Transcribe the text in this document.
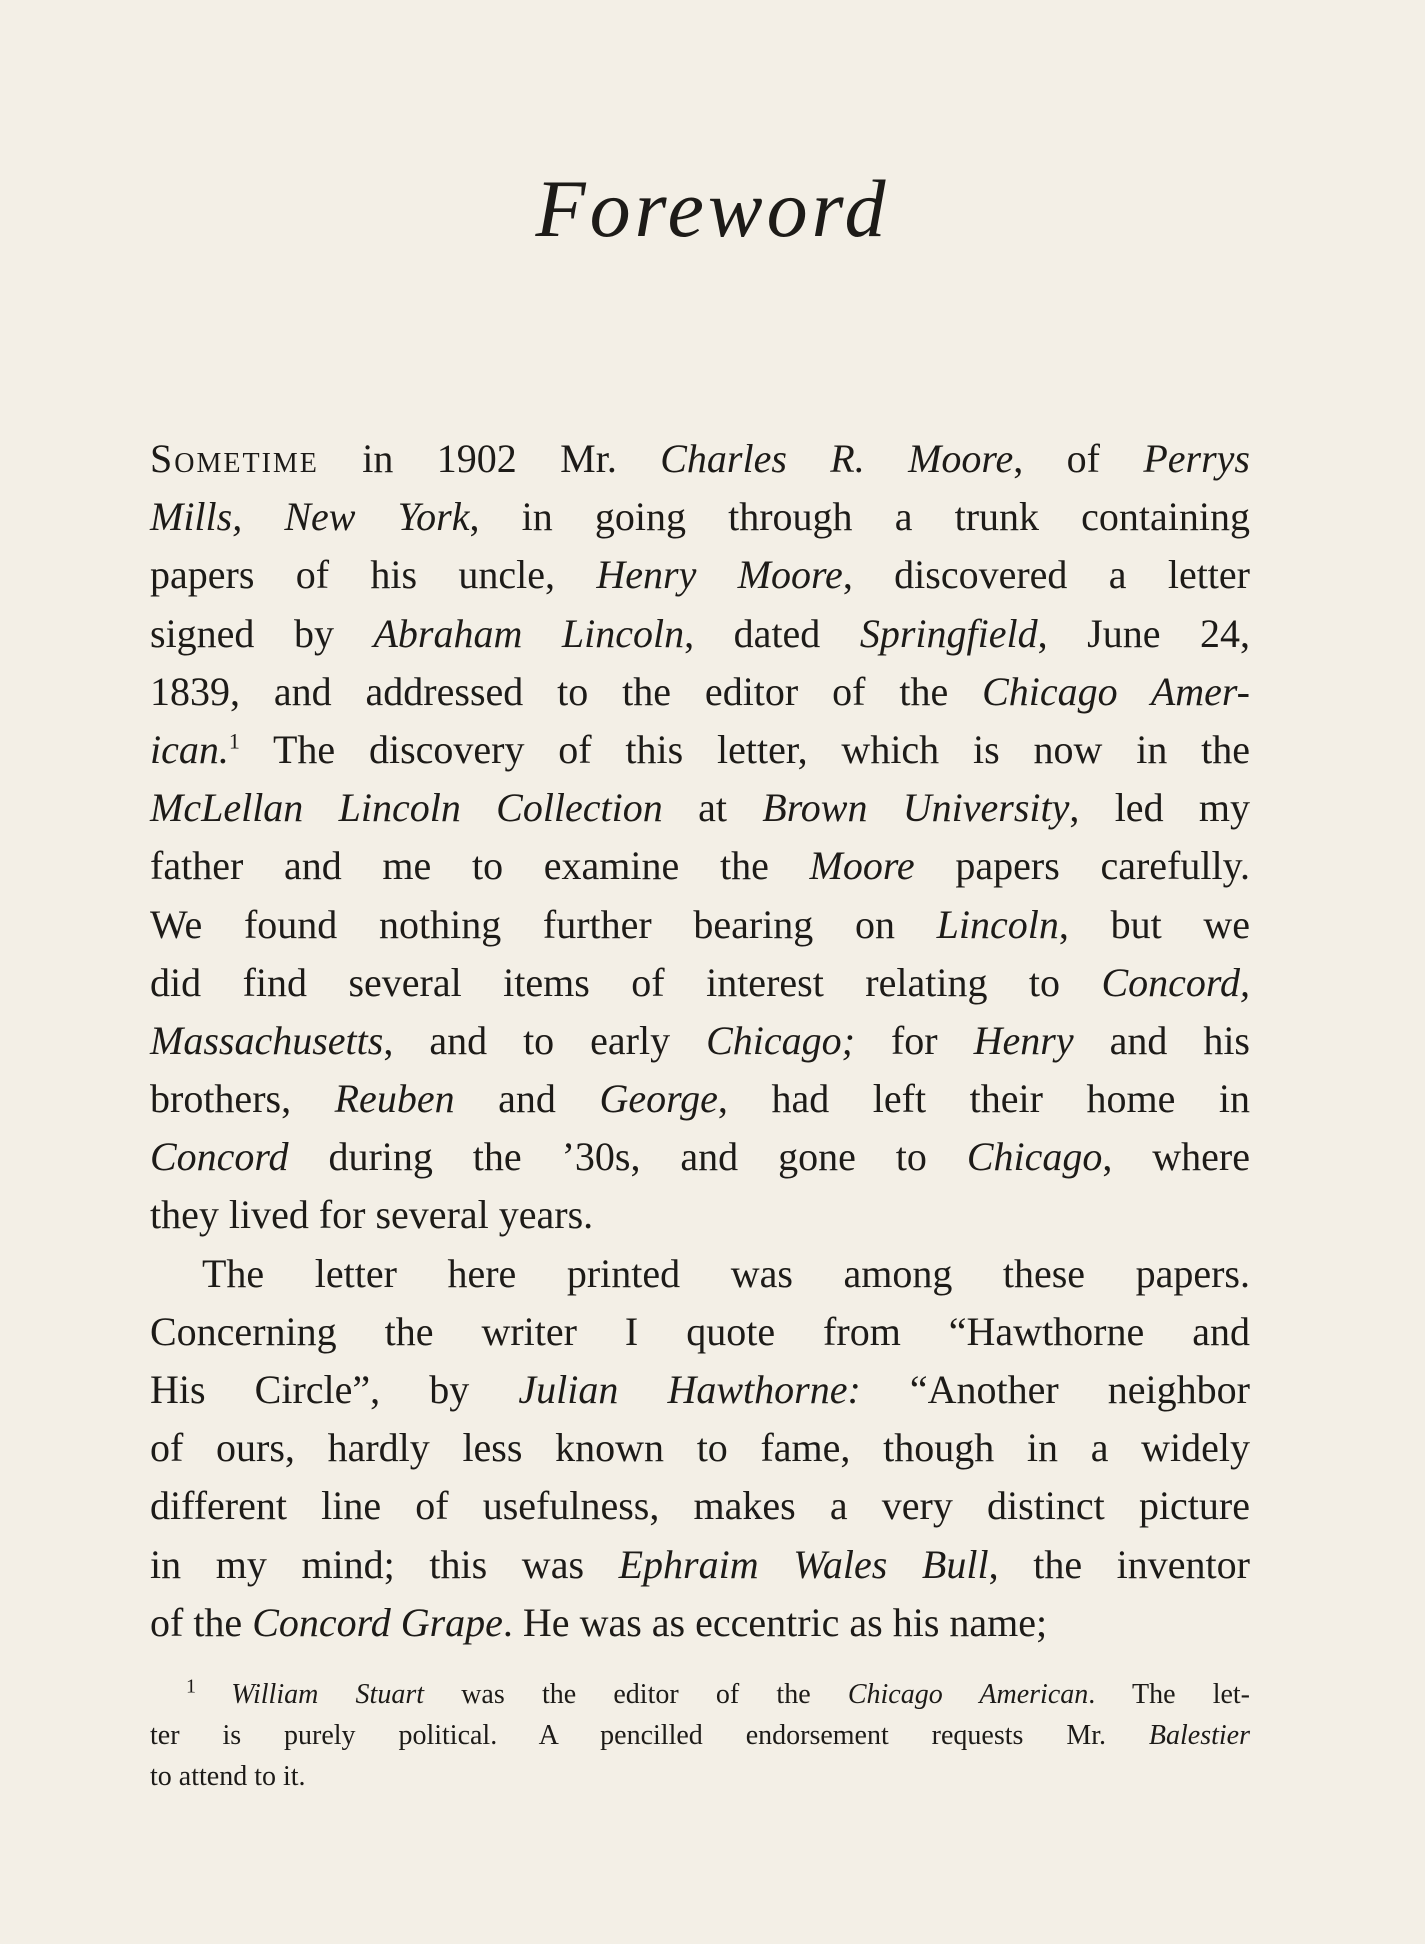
Foreword
Sometime in 1902 Mr. Charles R. Moore, of Perrys
Mills, New York, in going through a trunk containing
papers of his uncle, Henry Moore, discovered a letter
signed by Abraham Lincoln, dated Springfield, June 24,
1839, and addressed to the editor of the Chicago Amer-
ican.$^1$ The discovery of this letter, which is now in the
McLellan Lincoln Collection at Brown University, led my
father and me to examine the Moore papers carefully.
We found nothing further bearing on Lincoln, but we
did find several items of interest relating to Concord,
Massachusetts, and to early Chicago; for Henry and his
brothers, Reuben and George, had left their home in
Concord during the ’30s, and gone to Chicago, where
they lived for several years.
The letter here printed was among these papers.
Concerning the writer I quote from “Hawthorne and
His Circle”, by Julian Hawthorne: “Another neighbor
of ours, hardly less known to fame, though in a widely
different line of usefulness, makes a very distinct picture
in my mind; this was Ephraim Wales Bull, the inventor
of the Concord Grape. He was as eccentric as his name;
$^1$ William Stuart was the editor of the Chicago American. The let-
ter is purely political. A pencilled endorsement requests Mr. Balestier
to attend to it.
